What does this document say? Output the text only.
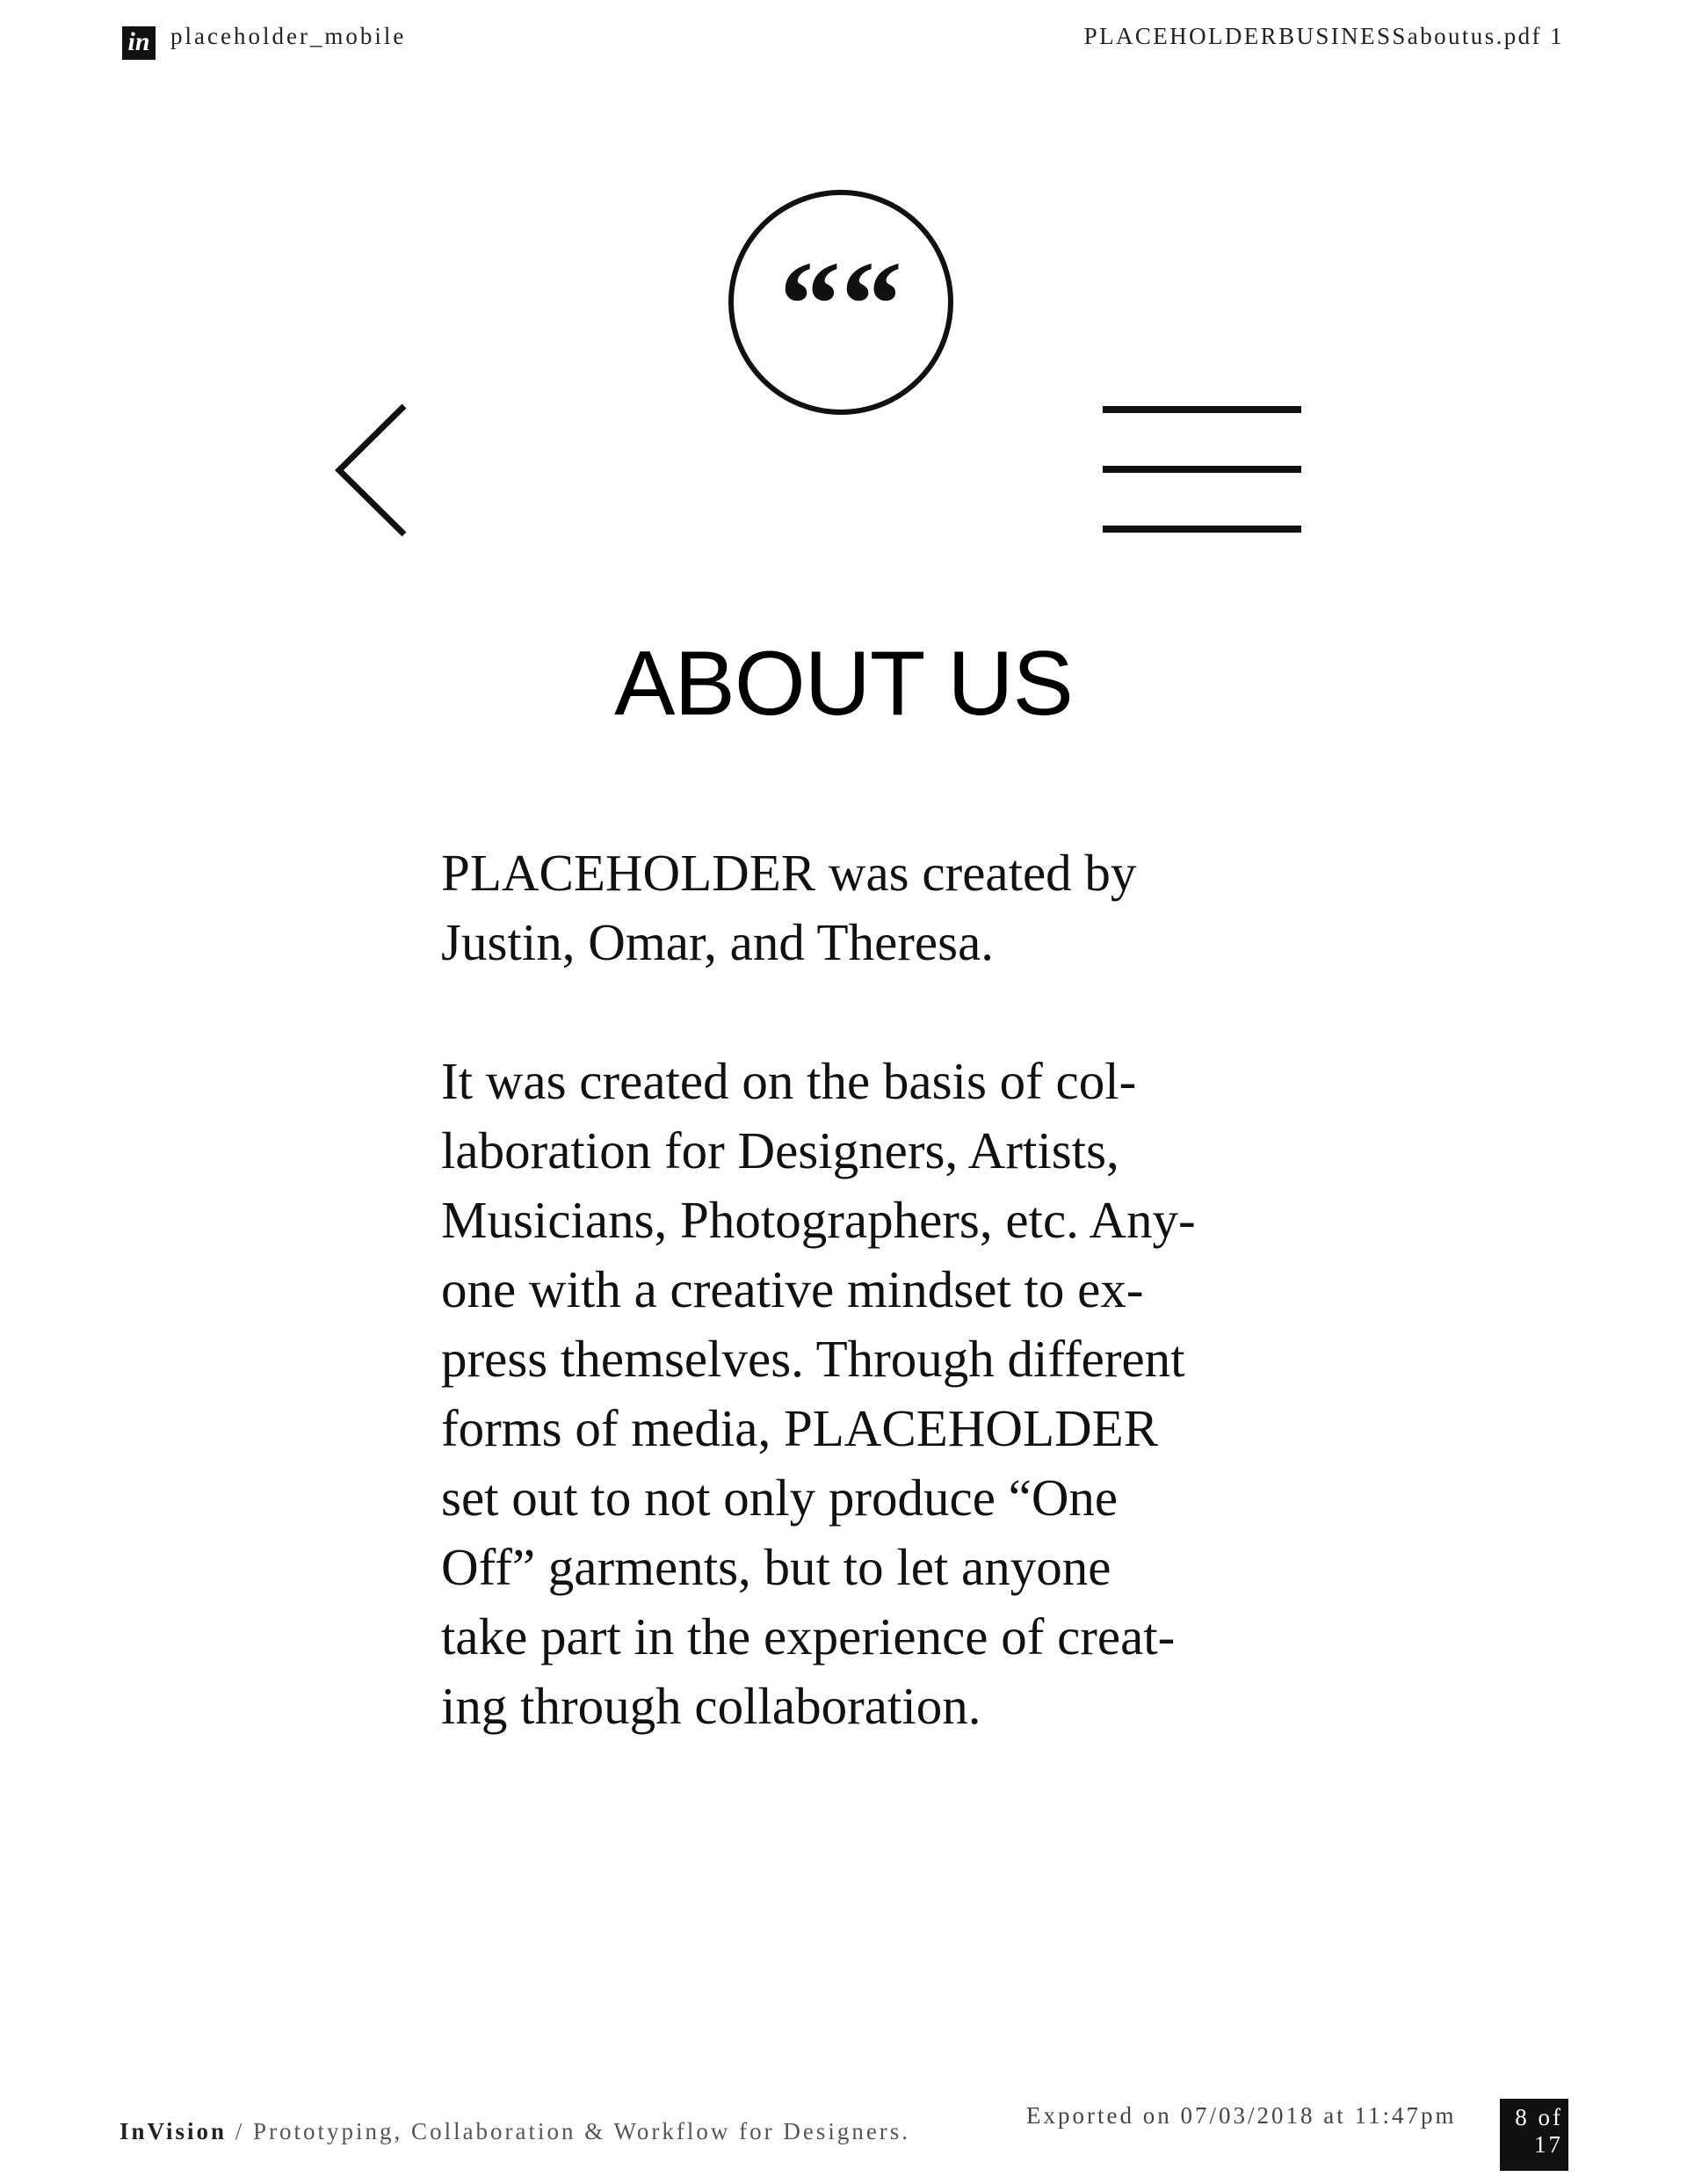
in placeholder_mobile	PLACEHOLDERBUSINESSaboutus.pdf 1
““
ABOUT US
PLACEHOLDER was created by
Justin, Omar, and Theresa.
It was created on the basis of col-
laboration for Designers, Artists,
Musicians, Photographers, etc. Any-
one with a creative mindset to ex-
press themselves. Through different
forms of media, PLACEHOLDER
set out to not only produce “One
Off” garments, but to let anyone
take part in the experience of creat-
ing through collaboration.
InVision / Prototyping, Collaboration & Workflow for Designers.
Exported on 07/03/2018 at 11:47pm	8 of
17
